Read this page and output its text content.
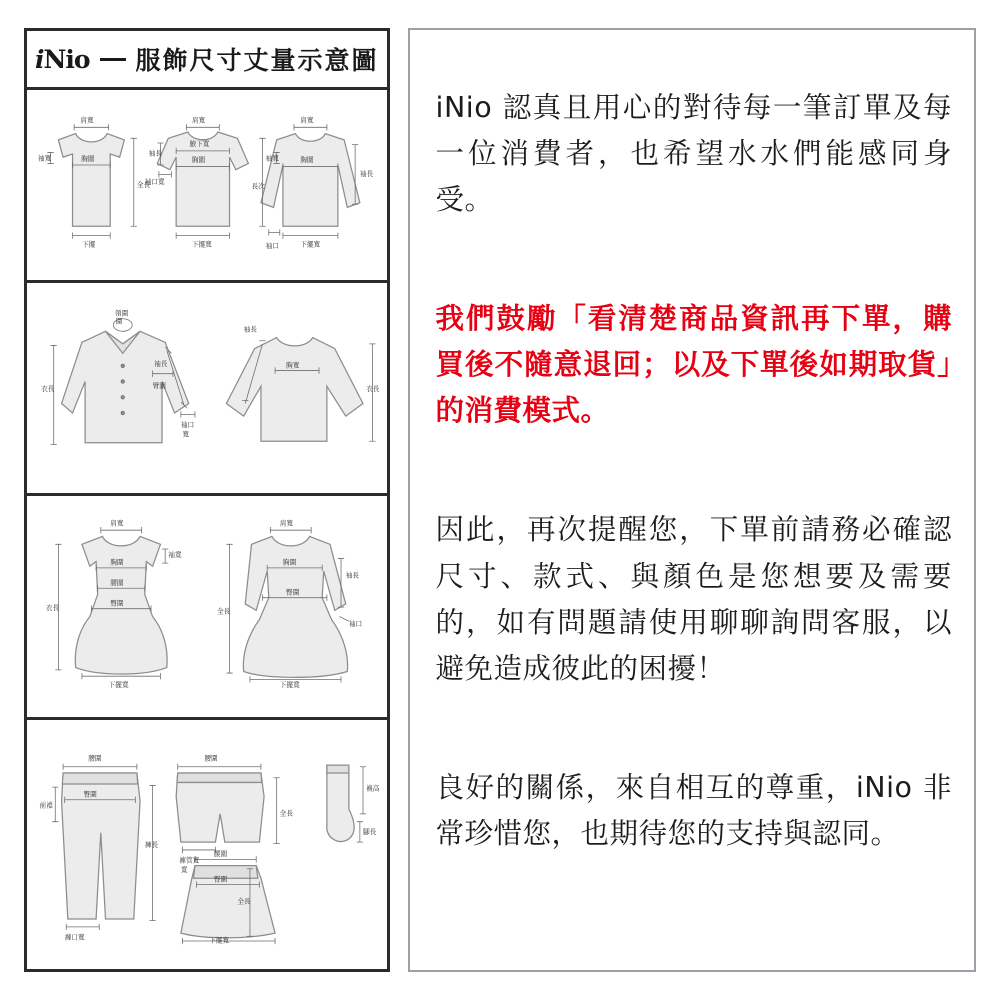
iNio 服飾尺寸丈量示意圖
肩寬
袖寬	胸圍
全長
下擺
肩寬
腋下寬
胸圍
袖長
袖口寬
下擺寬
長次
肩寬
胸圍
袖寬
袖長
下擺寬
袖口
領圍
圍
衣長
袖長
臂圍
袖口
寬
袖長
胸寬
衣長
肩寬
袖寬
胸圍
腰圍
臀圍
衣長
下擺寬
肩寬
胸圍
袖長
臀圍
袖口
全長
下擺寬
腰圍
前襠
臀圍
褲長
褲口寬
腰圍
全長
褲管寬
寬
腰圍
臀圍
全長
下擺寬
襪高
腳長

iNio 認真且用心的對待每一筆訂單及每一位消費者，也希望水水們能感同身受。

我們鼓勵「看清楚商品資訊再下單，購買後不隨意退回；以及下單後如期取貨」的消費模式。

因此，再次提醒您，下單前請務必確認尺寸、款式、與顏色是您想要及需要的，如有問題請使用聊聊詢問客服，以避免造成彼此的困擾！

良好的關係，來自相互的尊重，iNio 非常珍惜您，也期待您的支持與認同。
